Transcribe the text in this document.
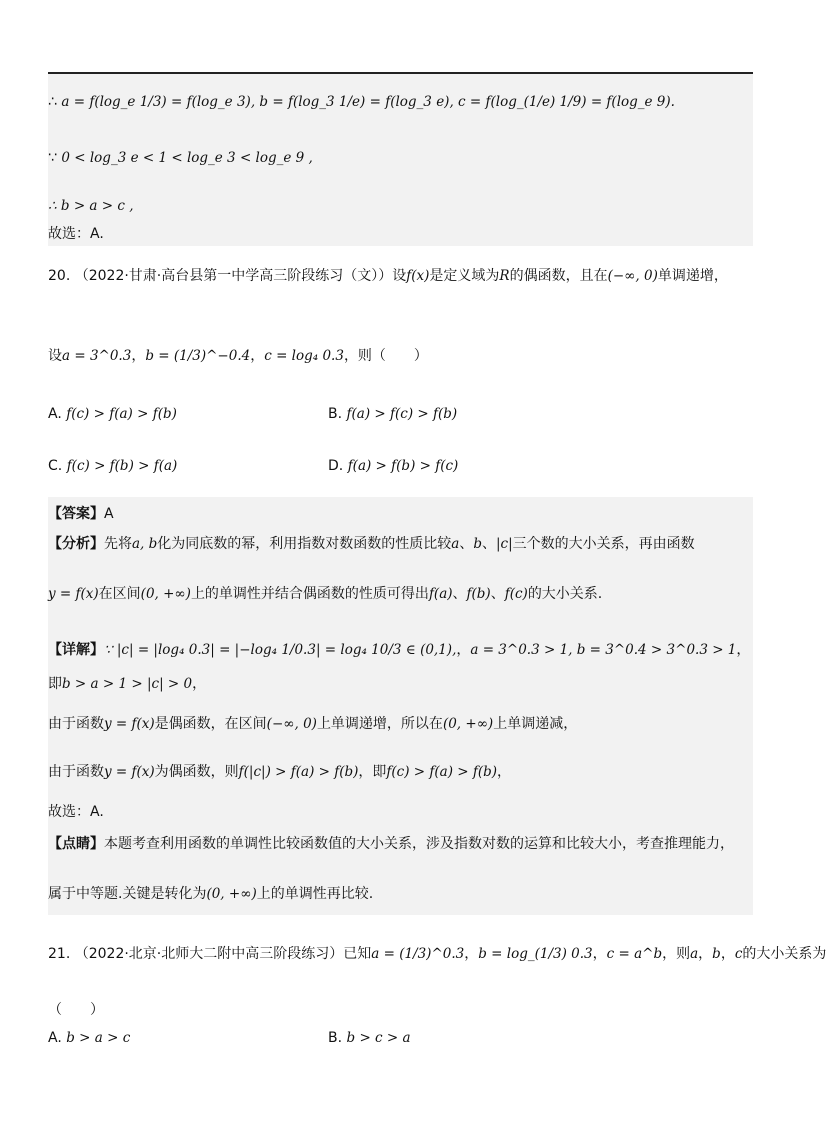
∴ a = f(log_e 1/3) = f(log_e 3), b = f(log_3 1/e) = f(log_3 e), c = f(log_(1/e) 1/9) = f(log_e 9).
∵ 0 < log_3 e < 1 < log_e 3 < log_e 9 ,
∴ b > a > c ,
故选：A.
20. （2022·甘肃·高台县第一中学高三阶段练习（文））设f(x)是定义域为R的偶函数，且在(−∞, 0)单调递增，
设a = 3^0.3，b = (1/3)^−0.4，c = log₄ 0.3，则（　　）
A. f(c) > f(a) > f(b)	B. f(a) > f(c) > f(b)
C. f(c) > f(b) > f(a)	D. f(a) > f(b) > f(c)
【答案】A
【分析】先将a, b化为同底数的幂，利用指数对数函数的性质比较a、b、|c|三个数的大小关系，再由函数
y = f(x)在区间(0, +∞)上的单调性并结合偶函数的性质可得出f(a)、f(b)、f(c)的大小关系.
【详解】∵ |c| = |log₄ 0.3| = |−log₄ 1/0.3| = log₄ 10/3 ∈ (0,1),，a = 3^0.3 > 1, b = 3^0.4 > 3^0.3 > 1，
即b > a > 1 > |c| > 0，
由于函数y = f(x)是偶函数，在区间(−∞, 0)上单调递增，所以在(0, +∞)上单调递减，
由于函数y = f(x)为偶函数，则f(|c|) > f(a) > f(b)，即f(c) > f(a) > f(b)，
故选：A.
【点睛】本题考查利用函数的单调性比较函数值的大小关系，涉及指数对数的运算和比较大小，考查推理能力，
属于中等题.关键是转化为(0, +∞)上的单调性再比较.
21. （2022·北京·北师大二附中高三阶段练习）已知a = (1/3)^0.3，b = log_(1/3) 0.3，c = a^b，则a，b，c的大小关系为
（　　）
A. b > a > c	B. b > c > a
